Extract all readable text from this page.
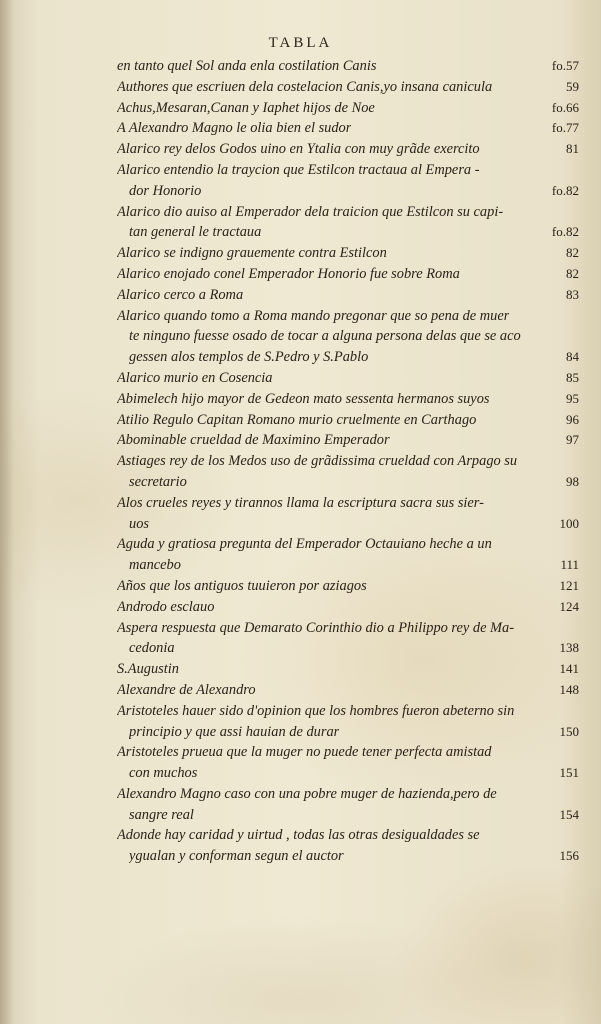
TABLA
en tanto quel Sol anda enla costilation Canis	fo.57
Authores que escriuen dela costelacion Canis,yo insana canicula	59
Achus,Mesaran,Canan y Iaphet hijos de Noe	fo.66
A Alexandro Magno le olia bien el sudor	fo.77
Alarico rey delos Godos uino en Ytalia con muy grãde exercito	81
Alarico entendio la traycion que Estilcon tractaua al Empera -
dor Honorio	fo.82
Alarico dio auiso al Emperador dela traicion que Estilcon su capi-
tan general le tractaua	fo.82
Alarico se indigno grauemente contra Estilcon	82
Alarico enojado conel Emperador Honorio fue sobre Roma	82
Alarico cerco a Roma	83
Alarico quando tomo a Roma mando pregonar que so pena de muer
te ninguno fuesse osado de tocar a alguna persona delas que se aco
gessen alos templos de S.Pedro y S.Pablo	84
Alarico murio en Cosencia	85
Abimelech hijo mayor de Gedeon mato sessenta hermanos suyos	95
Atilio Regulo Capitan Romano murio cruelmente en Carthago	96
Abominable crueldad de Maximino Emperador	97
Astiages rey de los Medos uso de grãdissima crueldad con Arpago su
secretario	98
Alos crueles reyes y tirannos llama la escriptura sacra sus sier-
uos	100
Aguda y gratiosa pregunta del Emperador Octauiano heche a un
mancebo	111
Años que los antiguos tuuieron por aziagos	121
Androdo esclauo	124
Aspera respuesta que Demarato Corinthio dio a Philippo rey de Ma-
cedonia	138
S.Augustin	141
Alexandre de Alexandro	148
Aristoteles hauer sido d'opinion que los hombres fueron abeterno sin
principio y que assi hauian de durar	150
Aristoteles prueua que la muger no puede tener perfecta amistad
con muchos	151
Alexandro Magno caso con una pobre muger de hazienda,pero de
sangre real	154
Adonde hay caridad y uirtud , todas las otras desigualdades se
ygualan y conforman segun el auctor	156
